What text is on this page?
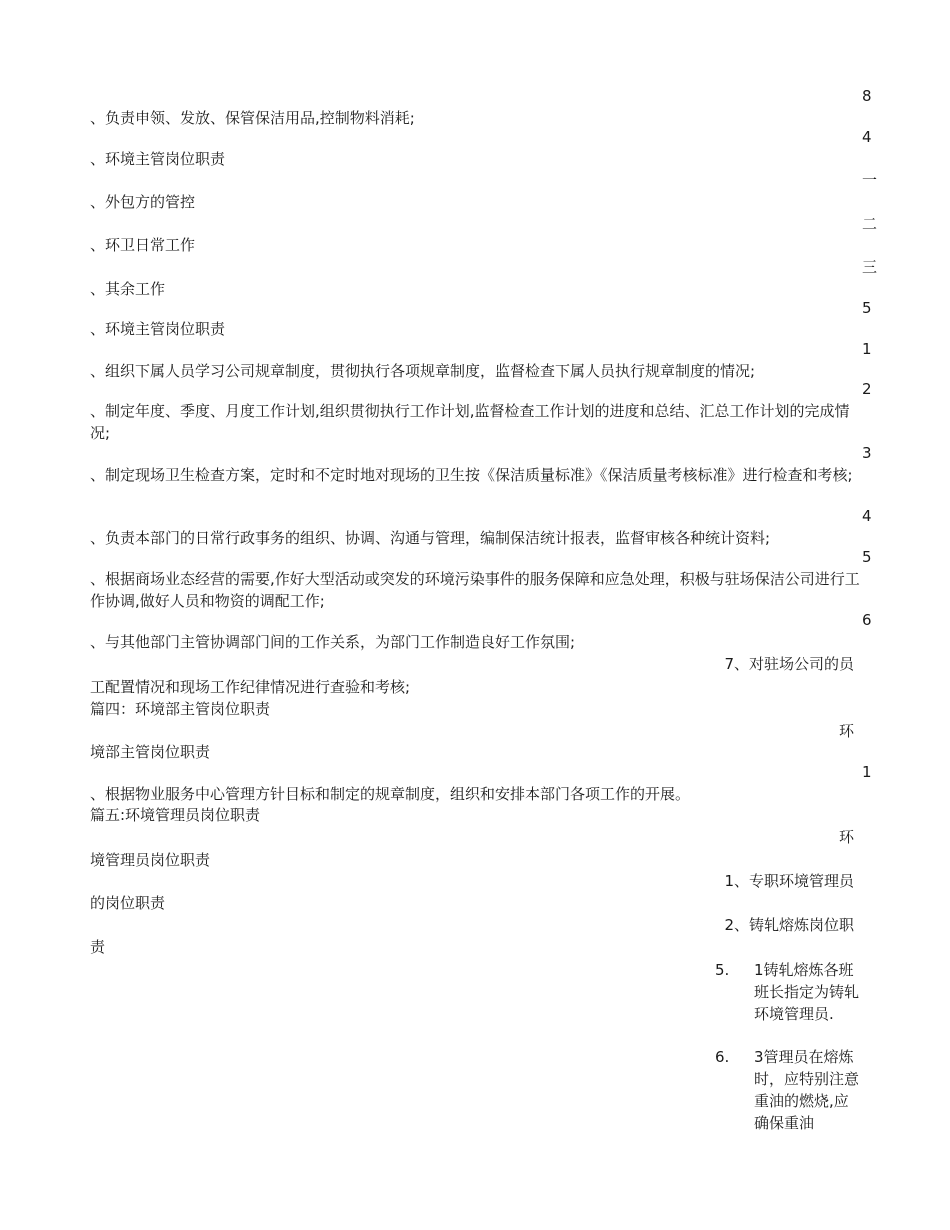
、负责申领、发放、保管保洁用品,控制物料消耗;
、环境主管岗位职责
、外包方的管控
、环卫日常工作
、其余工作
、环境主管岗位职责
、组织下属人员学习公司规章制度，贯彻执行各项规章制度，监督检查下属人员执行规章制度的情况;
、制定年度、季度、月度工作计划,组织贯彻执行工作计划,监督检查工作计划的进度和总结、汇总工作计划的完成情况;
、制定现场卫生检查方案，定时和不定时地对现场的卫生按《保洁质量标准》《保洁质量考核标准》进行检查和考核;
、负责本部门的日常行政事务的组织、协调、沟通与管理，编制保洁统计报表，监督审核各种统计资料;
、根据商场业态经营的需要,作好大型活动或突发的环境污染事件的服务保障和应急处理，积极与驻场保洁公司进行工作协调,做好人员和物资的调配工作;
、与其他部门主管协调部门间的工作关系，为部门工作制造良好工作氛围;
工配置情况和现场工作纪律情况进行查验和考核;
篇四：环境部主管岗位职责
境部主管岗位职责
、根据物业服务中心管理方针目标和制定的规章制度，组织和安排本部门各项工作的开展。
篇五:环境管理员岗位职责
境管理员岗位职责
的岗位职责
责
8
4
一
二
三
5
1
2
3
4
5
6
1
7、对驻场公司的员
环
环
1、专职环境管理员
2、铸轧熔炼岗位职
5.	1铸轧熔炼各班班长指定为铸轧环境管理员.
6.	3管理员在熔炼时，应特别注意重油的燃烧,应确保重油
